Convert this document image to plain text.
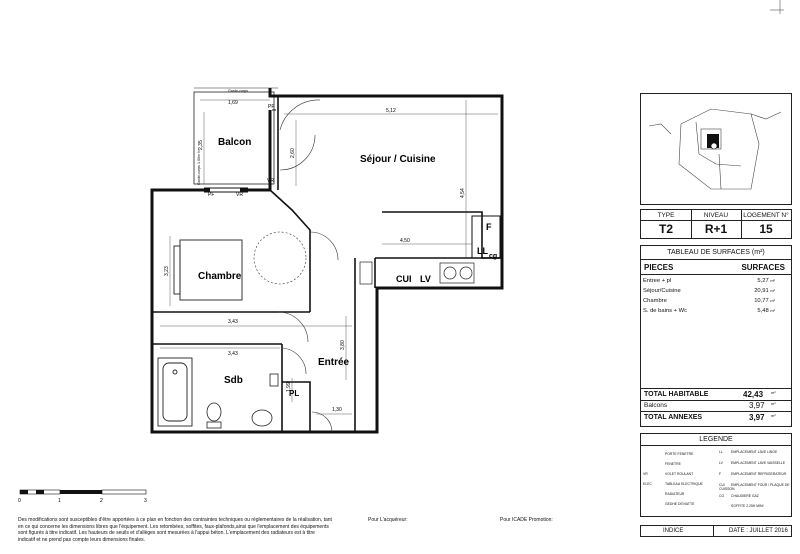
Séjour / Cuisine
Balcon
Chambre
Entrée
Sdb
PL
F
LL
cg
CUI LV
Garde-corps
Garde-corps 1,00m h=
PF
PF
VR
VR
1,69
2,35
5,12
2,60
4,54
4,50
3,23
3,43
3,43
3,80
1,99
1,30
0	1	2	3
Des modifications sont susceptibles d'être apportées à ce plan en fonction des contraintes techniques ou réglementaires de la réalisation, tant en ce qui concerne les dimensions libres que l'équipement. Les retombées, soffites, faux-plafonds,ainsi que l'emplacement des équipements sont figurés à titre indicatif. Les hauteurs de seuils et d'allèges sont mesurées à l'appui béton. L'emplacement des radiateurs est à titre indicatif et ne prend pas compte leurs dimensions finales.
Pour L'acquéreur:	Pour ICADE Promotion:
TYPE	NIVEAU	LOGEMENT N°
T2	R+1	15
TABLEAU DE SURFACES (m²)
PIECES	SURFACES
Entree + pl	5,27 m²
Séjour/Cuisine	20,91 m²
Chambre	10,77 m²
S. de bains + Wc	5,48 m²
TOTAL HABITABLE	42,43 m²
Balcons	3,97 m²
TOTAL ANNEXES	3,97 m²
LEGENDE
PORTE FENETRE
FENETRE
VR	VOLET ROULANT
ELEC	TABLEAU ELECTRIQUE
RADIATEUR
GEDHE DEVIATTE
LL EMPLACEMENT LAVE LINGE
LV EMPLACEMENT LAVE VAISSELLE
F	EMPLACEMENT REFRIGERATEUR
CUI EMPLACEMENT FOUR / PLAQUE DE CUISSON
CG CHAUDIERE GAZ
SOFFITE 2,25H MINI
INDICE	DATE : JUILLET 2016
